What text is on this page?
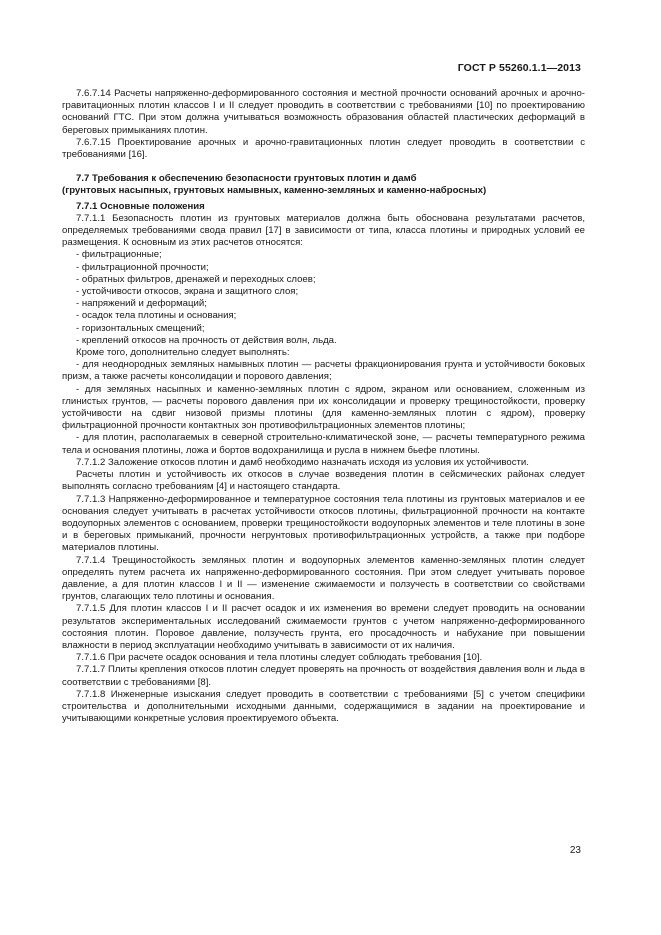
ГОСТ Р 55260.1.1—2013

7.6.7.14 Расчеты напряженно-деформированного состояния и местной прочности оснований арочных и арочно-гравитационных плотин классов I и II следует проводить в соответствии с требованиями [10] по проектированию оснований ГТС. При этом должна учитываться возможность образования областей пластических деформаций в береговых примыканиях плотин.

7.6.7.15 Проектирование арочных и арочно-гравитационных плотин следует проводить в соответствии с требованиями [16].

7.7 Требования к обеспечению безопасности грунтовых плотин и дамб
(грунтовых насыпных, грунтовых намывных, каменно-земляных и каменно-набросных)

7.7.1 Основные положения

7.7.1.1 Безопасность плотин из грунтовых материалов должна быть обоснована результатами расчетов, определяемых требованиями свода правил [17] в зависимости от типа, класса плотины и природных условий ее размещения. К основным из этих расчетов относятся:

- фильтрационные;
- фильтрационной прочности;
- обратных фильтров, дренажей и переходных слоев;
- устойчивости откосов, экрана и защитного слоя;
- напряжений и деформаций;
- осадок тела плотины и основания;
- горизонтальных смещений;
- креплений откосов на прочность от действия волн, льда.

Кроме того, дополнительно следует выполнять:

- для неоднородных земляных намывных плотин — расчеты фракционирования грунта и устойчивости боковых призм, а также расчеты консолидации и порового давления;

- для земляных насыпных и каменно-земляных плотин с ядром, экраном или основанием, сложенным из глинистых грунтов, — расчеты порового давления при их консолидации и проверку трещиностойкости, проверку устойчивости на сдвиг низовой призмы плотины (для каменно-земляных плотин с ядром), проверку фильтрационной прочности контактных зон противофильтрационных элементов плотины;

- для плотин, располагаемых в северной строительно-климатической зоне, — расчеты температурного режима тела и основания плотины, ложа и бортов водохранилища и русла в нижнем бьефе плотины.

7.7.1.2 Заложение откосов плотин и дамб необходимо назначать исходя из условия их устойчивости.

Расчеты плотин и устойчивость их откосов в случае возведения плотин в сейсмических районах следует выполнять согласно требованиям [4] и настоящего стандарта.

7.7.1.3 Напряженно-деформированное и температурное состояния тела плотины из грунтовых материалов и ее основания следует учитывать в расчетах устойчивости откосов плотины, фильтрационной прочности на контакте водоупорных элементов с основанием, проверки трещиностойкости водоупорных элементов и теле плотины в зоне и в береговых примыканий, прочности негрунтовых противофильтрационных устройств, а также при подборе материалов плотины.

7.7.1.4 Трещиностойкость земляных плотин и водоупорных элементов каменно-земляных плотин следует определять путем расчета их напряженно-деформированного состояния. При этом следует учитывать поровое давление, а для плотин классов I и II — изменение сжимаемости и ползучесть в соответствии со свойствами грунтов, слагающих тело плотины и основания.

7.7.1.5 Для плотин классов I и II расчет осадок и их изменения во времени следует проводить на основании результатов экспериментальных исследований сжимаемости грунтов с учетом напряженно-деформированного состояния плотин. Поровое давление, ползучесть грунта, его просадочность и набухание при повышении влажности в период эксплуатации необходимо учитывать в зависимости от их наличия.

7.7.1.6 При расчете осадок основания и тела плотины следует соблюдать требования [10].

7.7.1.7 Плиты крепления откосов плотин следует проверять на прочность от воздействия давления волн и льда в соответствии с требованиями [8].

7.7.1.8 Инженерные изыскания следует проводить в соответствии с требованиями [5] с учетом специфики строительства и дополнительными исходными данными, содержащимися в задании на проектирование и учитывающими конкретные условия проектируемого объекта.

23
